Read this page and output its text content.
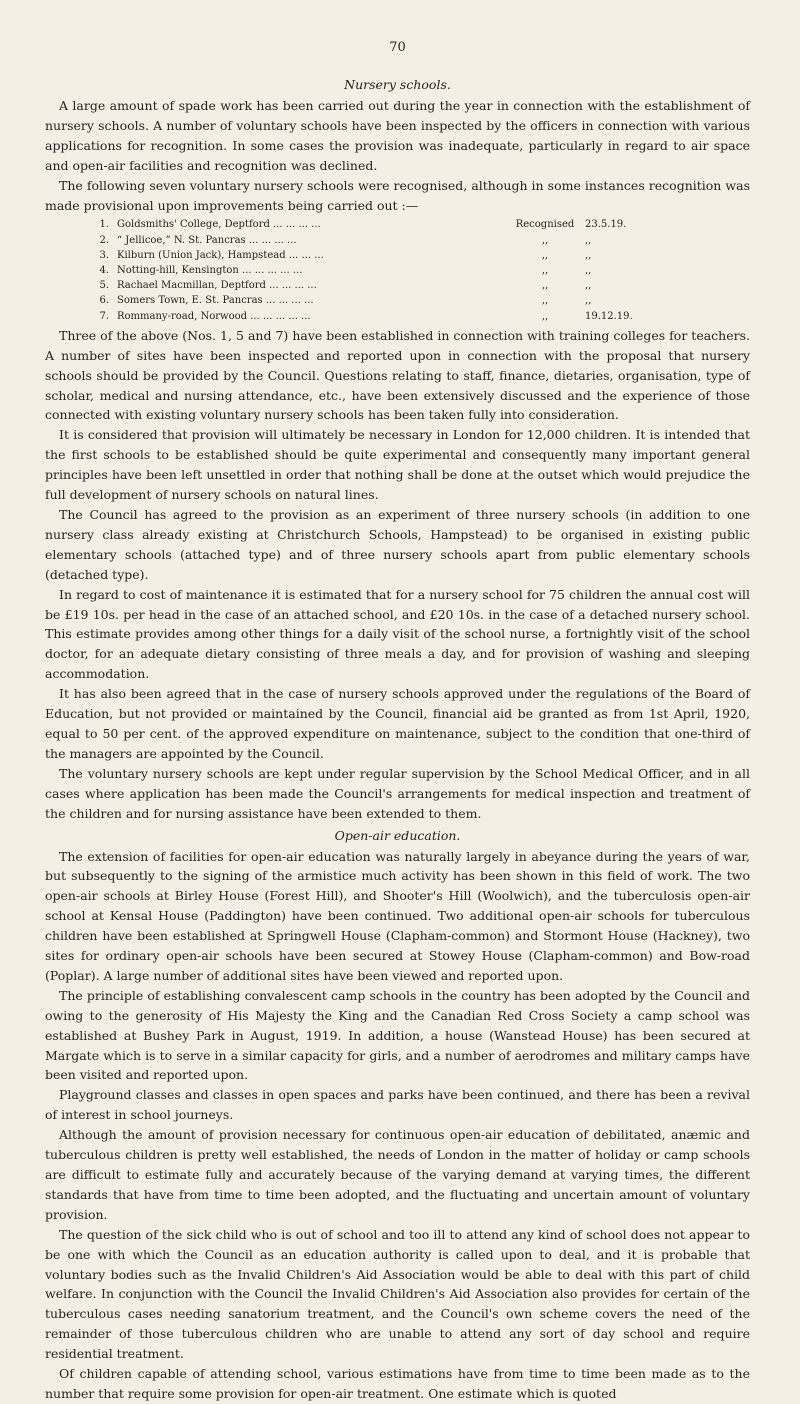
70
Nursery schools.

A large amount of spade work has been carried out during the year in connection with the establishment of nursery schools. A number of voluntary schools have been inspected by the officers in connection with various applications for recognition. In some cases the provision was inadequate, particularly in regard to air space and open-air facilities and recognition was declined.

The following seven voluntary nursery schools were recognised, although in some instances recognition was made provisional upon improvements being carried out :—

1. Goldsmiths' College, Deptford ... ... ... ...	Recognised	23.5.19.
2. “ Jellicoe,” N. St. Pancras ... ... ... ...	,,	,,
3. Kilburn (Union Jack), Hampstead ... ... ...	,,	,,
4. Notting-hill, Kensington ... ... ... ... ...	,,	,,
5. Rachael Macmillan, Deptford ... ... ... ...	,,	,,
6. Somers Town, E. St. Pancras ... ... ... ...	,,	,,
7. Rommany-road, Norwood ... ... ... ... ...	,,	19.12.19.

Three of the above (Nos. 1, 5 and 7) have been established in connection with training colleges for teachers. A number of sites have been inspected and reported upon in connection with the proposal that nursery schools should be provided by the Council. Questions relating to staff, finance, dietaries, organisation, type of scholar, medical and nursing attendance, etc., have been extensively discussed and the experience of those connected with existing voluntary nursery schools has been taken fully into consideration.

It is considered that provision will ultimately be necessary in London for 12,000 children. It is intended that the first schools to be established should be quite experimental and consequently many important general principles have been left unsettled in order that nothing shall be done at the outset which would prejudice the full development of nursery schools on natural lines.

The Council has agreed to the provision as an experiment of three nursery schools (in addition to one nursery class already existing at Christchurch Schools, Hampstead) to be organised in existing public elementary schools (attached type) and of three nursery schools apart from public elementary schools (detached type).

In regard to cost of maintenance it is estimated that for a nursery school for 75 children the annual cost will be £19 10s. per head in the case of an attached school, and £20 10s. in the case of a detached nursery school. This estimate provides among other things for a daily visit of the school nurse, a fortnightly visit of the school doctor, for an adequate dietary consisting of three meals a day, and for provision of washing and sleeping accommodation.

It has also been agreed that in the case of nursery schools approved under the regulations of the Board of Education, but not provided or maintained by the Council, financial aid be granted as from 1st April, 1920, equal to 50 per cent. of the approved expenditure on maintenance, subject to the condition that one-third of the managers are appointed by the Council.

The voluntary nursery schools are kept under regular supervision by the School Medical Officer, and in all cases where application has been made the Council's arrangements for medical inspection and treatment of the children and for nursing assistance have been extended to them.

Open-air education.

The extension of facilities for open-air education was naturally largely in abeyance during the years of war, but subsequently to the signing of the armistice much activity has been shown in this field of work. The two open-air schools at Birley House (Forest Hill), and Shooter's Hill (Woolwich), and the tuberculosis open-air school at Kensal House (Paddington) have been continued. Two additional open-air schools for tuberculous children have been established at Springwell House (Clapham-common) and Stormont House (Hackney), two sites for ordinary open-air schools have been secured at Stowey House (Clapham-common) and Bow-road (Poplar). A large number of additional sites have been viewed and reported upon.

The principle of establishing convalescent camp schools in the country has been adopted by the Council and owing to the generosity of His Majesty the King and the Canadian Red Cross Society a camp school was established at Bushey Park in August, 1919. In addition, a house (Wanstead House) has been secured at Margate which is to serve in a similar capacity for girls, and a number of aerodromes and military camps have been visited and reported upon.

Playground classes and classes in open spaces and parks have been continued, and there has been a revival of interest in school journeys.

Although the amount of provision necessary for continuous open-air education of debilitated, anæmic and tuberculous children is pretty well established, the needs of London in the matter of holiday or camp schools are difficult to estimate fully and accurately because of the varying demand at varying times, the different standards that have from time to time been adopted, and the fluctuating and uncertain amount of voluntary provision.

The question of the sick child who is out of school and too ill to attend any kind of school does not appear to be one with which the Council as an education authority is called upon to deal, and it is probable that voluntary bodies such as the Invalid Children's Aid Association would be able to deal with this part of child welfare. In conjunction with the Council the Invalid Children's Aid Association also provides for certain of the tuberculous cases needing sanatorium treatment, and the Council's own scheme covers the need of the remainder of those tuberculous children who are unable to attend any sort of day school and require residential treatment.

Of children capable of attending school, various estimations have from time to time been made as to the number that require some provision for open-air treatment. One estimate which is quoted
